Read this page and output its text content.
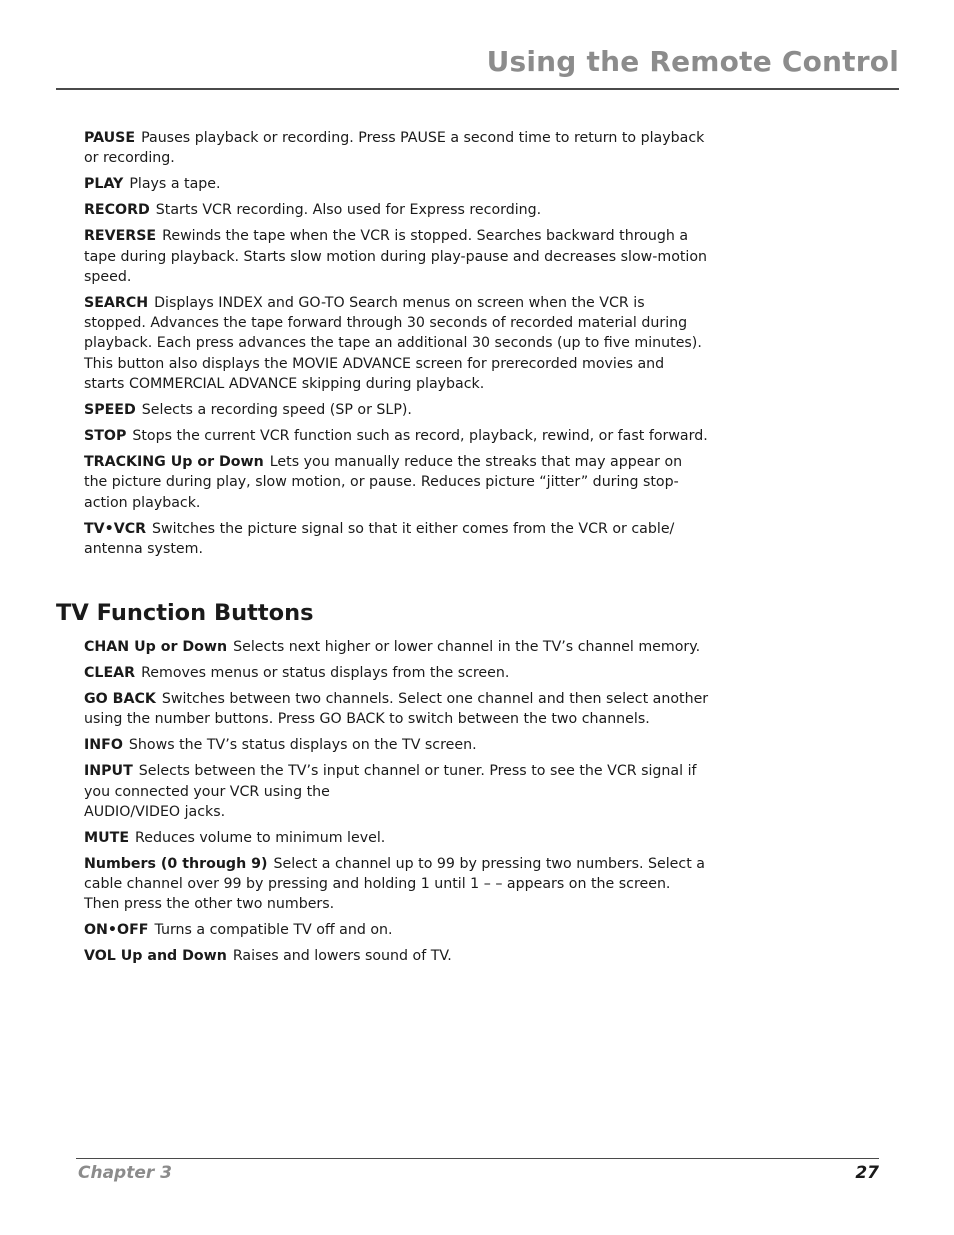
Using the Remote Control

PAUSE Pauses playback or recording. Press PAUSE a second time to return to playback or recording.

PLAY Plays a tape.

RECORD Starts VCR recording. Also used for Express recording.

REVERSE Rewinds the tape when the VCR is stopped. Searches backward through a tape during playback. Starts slow motion during play-pause and decreases slow-motion speed.

SEARCH Displays INDEX and GO-TO Search menus on screen when the VCR is stopped. Advances the tape forward through 30 seconds of recorded material during playback. Each press advances the tape an additional 30 seconds (up to five minutes). This button also displays the MOVIE ADVANCE screen for prerecorded movies and starts COMMERCIAL ADVANCE skipping during playback.

SPEED Selects a recording speed (SP or SLP).

STOP Stops the current VCR function such as record, playback, rewind, or fast forward.

TRACKING Up or Down Lets you manually reduce the streaks that may appear on the picture during play, slow motion, or pause. Reduces picture “jitter” during stop-action playback.

TV•VCR Switches the picture signal so that it either comes from the VCR or cable/ antenna system.

TV Function Buttons

CHAN Up or Down Selects next higher or lower channel in the TV’s channel memory.

CLEAR Removes menus or status displays from the screen.

GO BACK Switches between two channels. Select one channel and then select another using the number buttons. Press GO BACK to switch between the two channels.

INFO Shows the TV’s status displays on the TV screen.

INPUT Selects between the TV’s input channel or tuner. Press to see the VCR signal if you connected your VCR using the
AUDIO/VIDEO jacks.

MUTE Reduces volume to minimum level.

Numbers (0 through 9) Select a channel up to 99 by pressing two numbers. Select a cable channel over 99 by pressing and holding 1 until 1 – – appears on the screen. Then press the other two numbers.

ON•OFF Turns a compatible TV off and on.

VOL Up and Down Raises and lowers sound of TV.

Chapter 3	27
